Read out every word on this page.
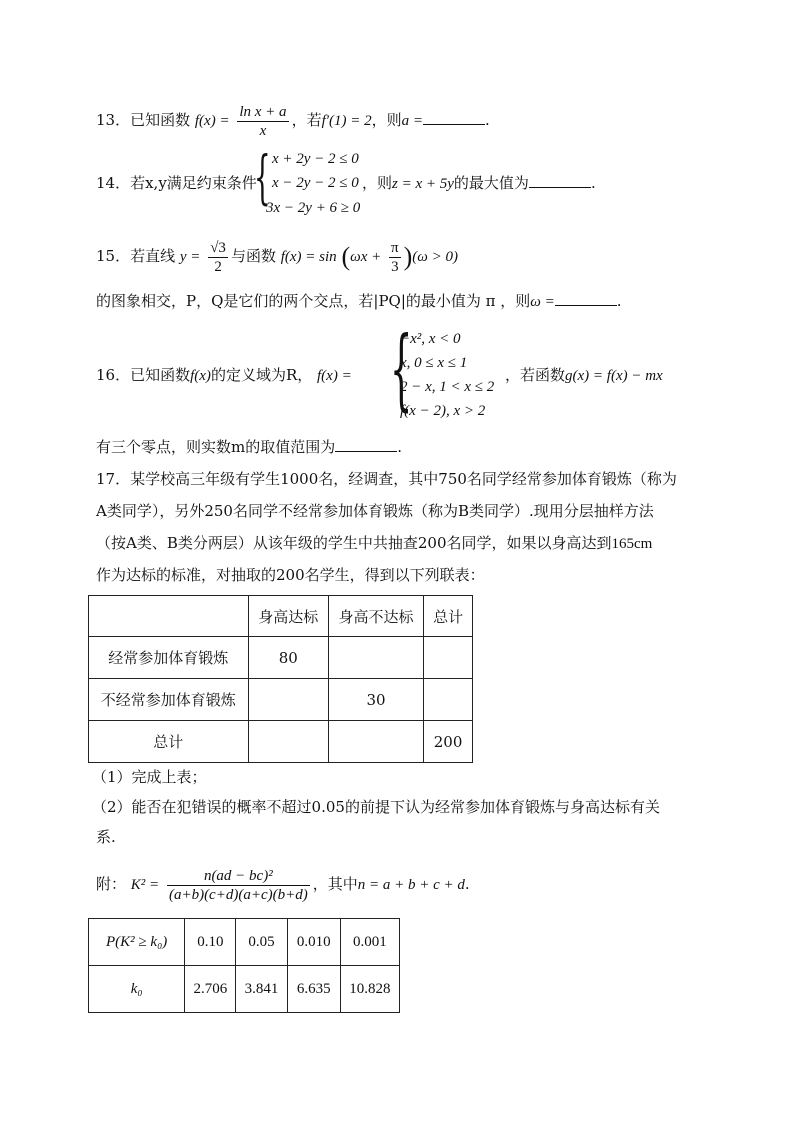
13．已知函数 $f(x) = \frac{\text{ln x + a}}{x}$ ，若f′(1) = 2，则a =	.
14．若x,y满足约束条件
{ x + 2y − 2 ≤ 0
x − 2y − 2 ≤ 0
3x − 2y + 6 ≥ 0
，则z = x + 5y的最大值为	.
15．若直线 $y = \frac{√3}{2}$ 与函数 $f(x) = \sin (\omega x + \frac{\pi}{3} )(\omega > 0)$
的图象相交，P，Q是它们的两个交点，若|PQ|的最小值为 π ，则ω =	.
16．已知函数f(x)的定义域为R， f(x) = {
−x², x < 0
x, 0 ≤ x ≤ 1
2 − x, 1 < x ≤ 2
f(x − 2), x > 2
，若函数g(x) = f(x) − mx
有三个零点，则实数m的取值范围为	.
17．某学校高三年级有学生1000名，经调查，其中750名同学经常参加体育锻炼（称为
A类同学），另外250名同学不经常参加体育锻炼（称为B类同学）.现用分层抽样方法
（按A类、B类分两层）从该年级的学生中共抽查200名同学，如果以身高达到165cm
作为达标的标准，对抽取的200名学生，得到以下列联表：
	身高达标	身高不达标	总计
经常参加体育锻炼	80		
不经常参加体育锻炼		30	
总计			200
（1）完成上表；
（2）能否在犯错误的概率不超过0.05的前提下认为经常参加体育锻炼与身高达标有关
系.
附： $K^2 = \frac{\text{n(ad − bc)²}}{(a+b)(c+d)(a+c)(b+d)}$ ，其中n = a + b + c + d.
P(K² ≥ k₀)	0.10	0.05	0.010	0.001
k₀	2.706	3.841	6.635	10.828
